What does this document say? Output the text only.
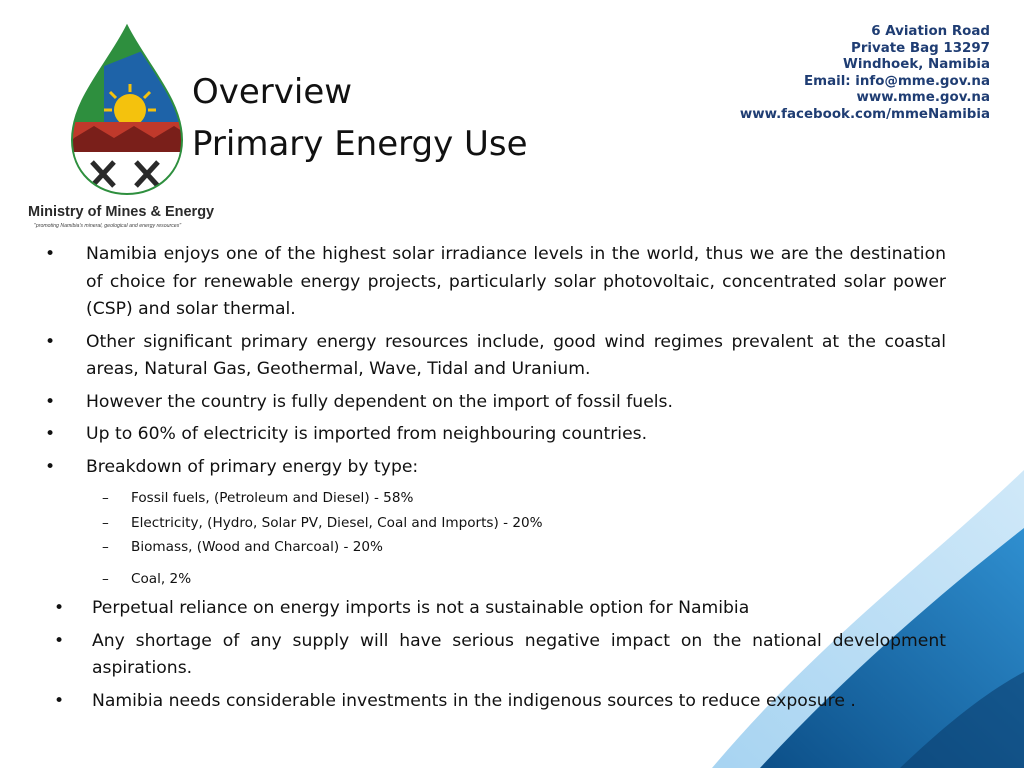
Ministry of Mines & Energy
"promoting Namibia's mineral, geological and energy resources"
Overview
Primary Energy Use
6 Aviation Road
Private Bag 13297
Windhoek, Namibia
Email: info@mme.gov.na
www.mme.gov.na
www.facebook.com/mmeNamibia
• Namibia enjoys one of the highest solar irradiance levels in the world, thus we are the destination of choice for renewable energy projects, particularly solar photovoltaic, concentrated solar power (CSP) and solar thermal.
• Other significant primary energy resources include, good wind regimes prevalent at the coastal areas, Natural Gas, Geothermal, Wave, Tidal and Uranium.
• However the country is fully dependent on the import of fossil fuels.
• Up to 60% of electricity is imported from neighbouring countries.
• Breakdown of primary energy by type:
– Fossil fuels, (Petroleum and Diesel) - 58%
– Electricity, (Hydro, Solar PV, Diesel, Coal and Imports) - 20%
– Biomass, (Wood and Charcoal) - 20%
– Coal, 2%
• Perpetual reliance on energy imports is not a sustainable option for Namibia
• Any shortage of any supply will have serious negative impact on the national development aspirations.
• Namibia needs considerable investments in the indigenous sources to reduce exposure .
